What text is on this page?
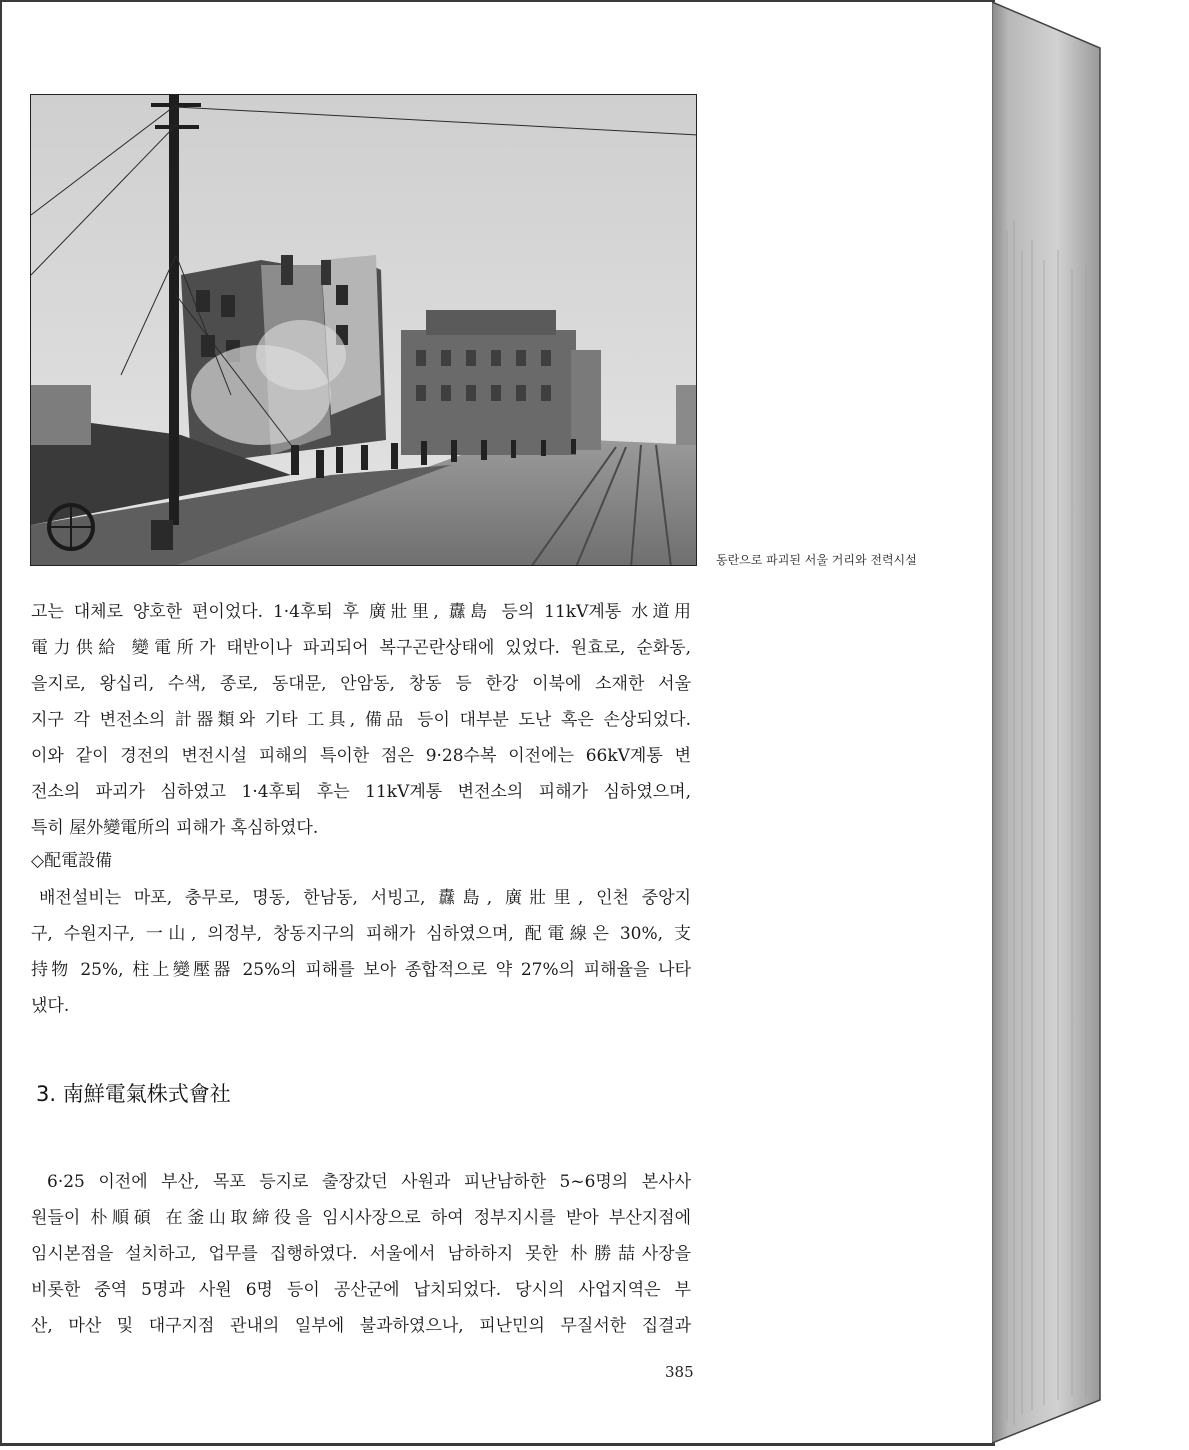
동란으로 파괴된 서울 거리와 전력시설
고는 대체로 양호한 편이었다. 1·4후퇴 후 廣壯里, 纛島 등의 11kV계통 水道用
電力供給 變電所가 태반이나 파괴되어 복구곤란상태에 있었다. 원효로, 순화동,
을지로, 왕십리, 수색, 종로, 동대문, 안암동, 창동 등 한강 이북에 소재한 서울
지구 각 변전소의 計器類와 기타 工具, 備品 등이 대부분 도난 혹은 손상되었다.
이와 같이 경전의 변전시설 피해의 특이한 점은 9·28수복 이전에는 66kV계통 변
전소의 파괴가 심하였고 1·4후퇴 후는 11kV계통 변전소의 피해가 심하였으며,
특히 屋外變電所의 피해가 혹심하였다.
◇配電設備
배전설비는 마포, 충무로, 명동, 한남동, 서빙고, 纛島, 廣壯里, 인천 중앙지
구, 수원지구, 一山, 의정부, 창동지구의 피해가 심하였으며, 配電線은 30%, 支
持物 25%, 柱上變壓器 25%의 피해를 보아 종합적으로 약 27%의 피해율을 나타
냈다.
3. 南鮮電氣株式會社
6·25 이전에 부산, 목포 등지로 출장갔던 사원과 피난남하한 5~6명의 본사사
원들이 朴順碩 在釜山取締役을 임시사장으로 하여 정부지시를 받아 부산지점에
임시본점을 설치하고, 업무를 집행하였다. 서울에서 남하하지 못한 朴勝喆사장을
비롯한 중역 5명과 사원 6명 등이 공산군에 납치되었다. 당시의 사업지역은 부
산, 마산 및 대구지점 관내의 일부에 불과하였으나, 피난민의 무질서한 집결과
385
